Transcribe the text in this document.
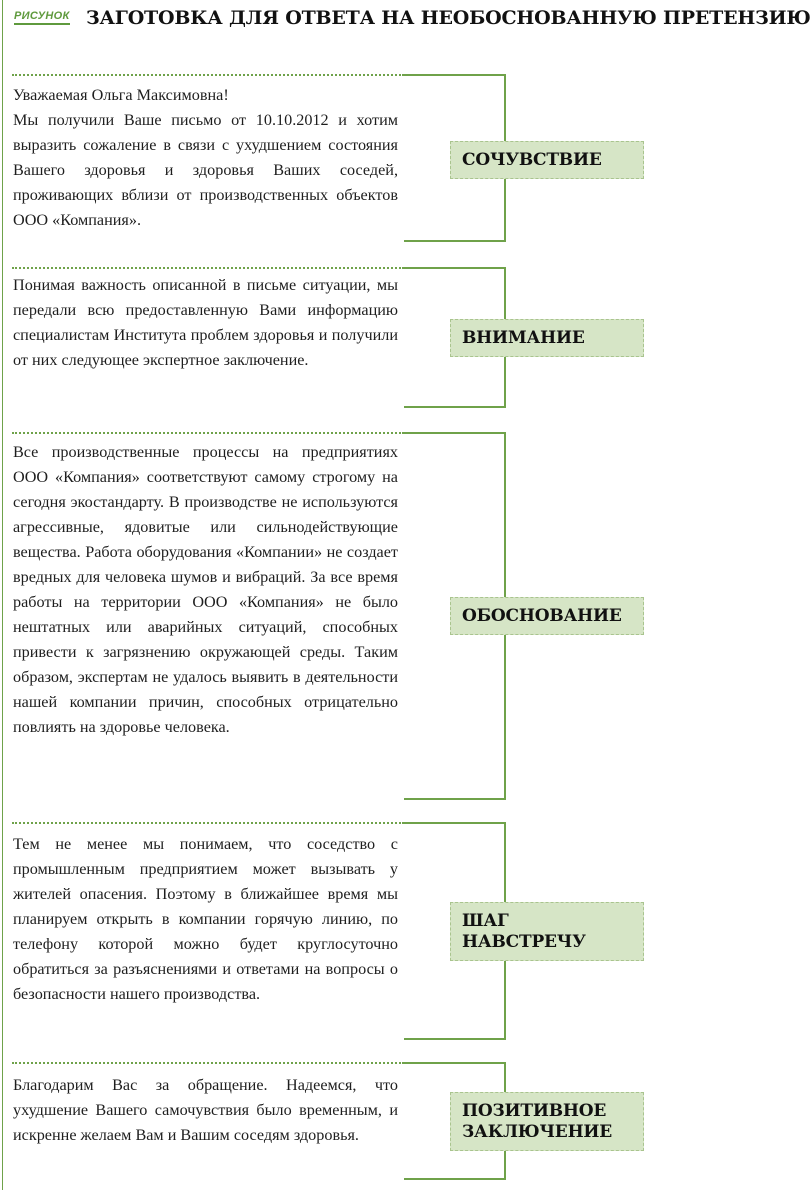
ЗАГОТОВКА ДЛЯ ОТВЕТА НА НЕОБОСНОВАННУЮ ПРЕТЕНЗИЮ
РИСУНОК

Уважаемая Ольга Максимовна!
Мы получили Ваше письмо от 10.10.2012 и хотим выразить сожаление в связи с ухудшением состояния Вашего здоровья и здоровья Ваших соседей, проживающих вблизи от производственных объектов ООО «Компания».

СОЧУВСТВИЕ

Понимая важность описанной в письме ситуации, мы передали всю предоставленную Вами информацию специалистам Института проблем здоровья и получили от них следующее экспертное заключение.

ВНИМАНИЕ

Все производственные процессы на предприятиях ООО «Компания» соответствуют самому строгому на сегодня экостандарту. В производстве не используются агрессивные, ядовитые или сильнодействующие вещества. Работа оборудования «Компании» не создает вредных для человека шумов и вибраций. За все время работы на территории ООО «Компания» не было нештатных или аварийных ситуаций, способных привести к загрязнению окружающей среды. Таким образом, экспертам не удалось выявить в деятельности нашей компании причин, способных отрицательно повлиять на здоровье человека.

ОБОСНОВАНИЕ

Тем не менее мы понимаем, что соседство с промышленным предприятием может вызывать у жителей опасения. Поэтому в ближайшее время мы планируем открыть в компании горячую линию, по телефону которой можно будет круглосуточно обратиться за разъяснениями и ответами на вопросы о безопасности нашего производства.

ШАГ
НАВСТРЕЧУ

Благодарим Вас за обращение. Надеемся, что ухудшение Вашего самочувствия было временным, и искренне желаем Вам и Вашим соседям здоровья.

ПОЗИТИВНОЕ
ЗАКЛЮЧЕНИЕ
